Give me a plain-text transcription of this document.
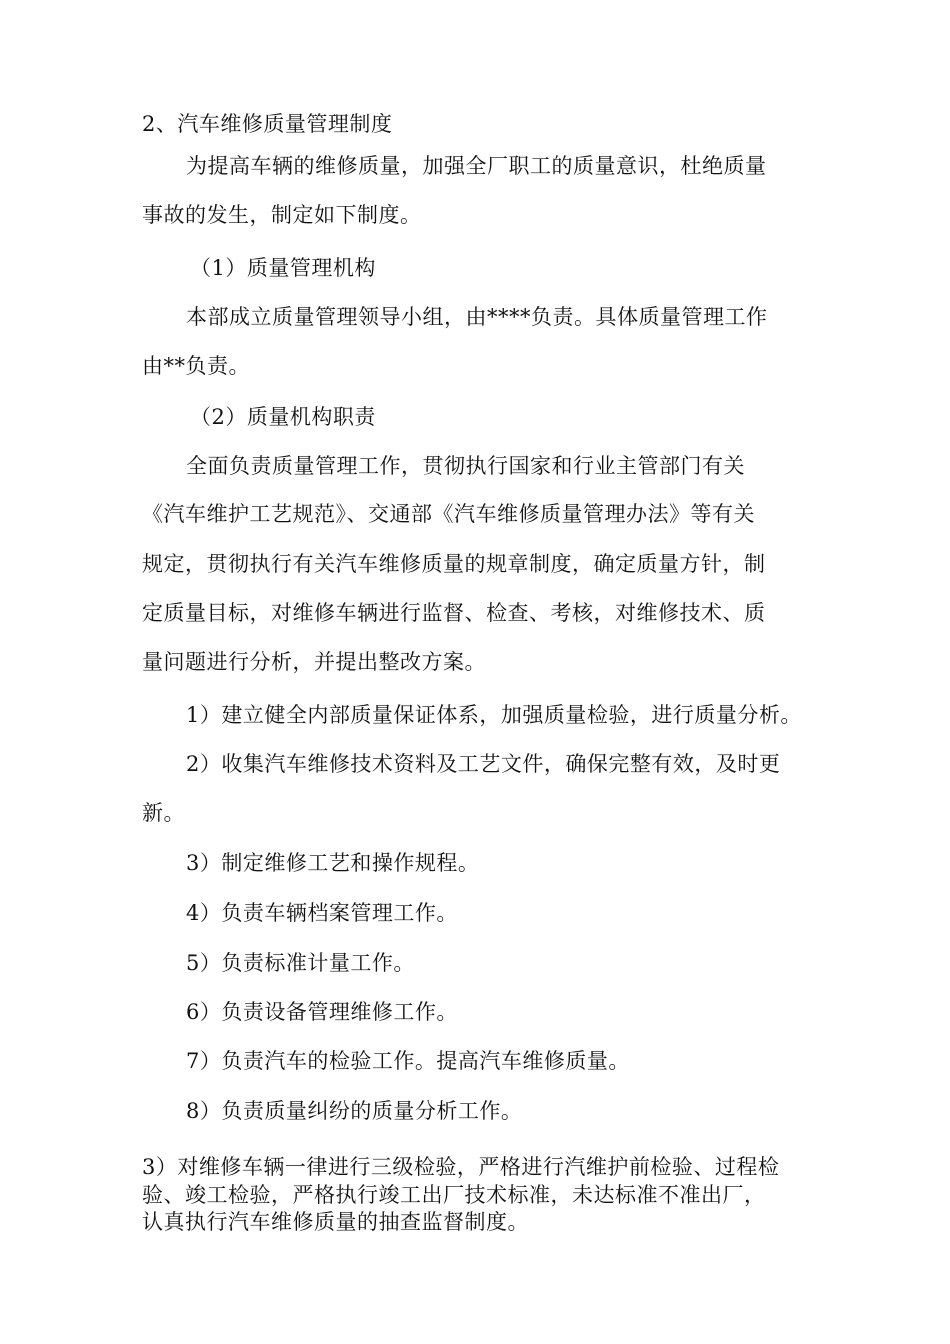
2、汽车维修质量管理制度
为提高车辆的维修质量，加强全厂职工的质量意识，杜绝质量
事故的发生，制定如下制度。
（1）质量管理机构
本部成立质量管理领导小组，由****负责。具体质量管理工作
由**负责。
（2）质量机构职责
全面负责质量管理工作，贯彻执行国家和行业主管部门有关
《汽车维护工艺规范》、交通部《汽车维修质量管理办法》等有关
规定，贯彻执行有关汽车维修质量的规章制度，确定质量方针，制
定质量目标，对维修车辆进行监督、检查、考核，对维修技术、质
量问题进行分析，并提出整改方案。
1）建立健全内部质量保证体系，加强质量检验，进行质量分析。
2）收集汽车维修技术资料及工艺文件，确保完整有效，及时更
新。
3）制定维修工艺和操作规程。
4）负责车辆档案管理工作。
5）负责标准计量工作。
6）负责设备管理维修工作。
7）负责汽车的检验工作。提高汽车维修质量。
8）负责质量纠纷的质量分析工作。
3）对维修车辆一律进行三级检验，严格进行汽维护前检验、过程检
验、竣工检验，严格执行竣工出厂技术标准，未达标准不准出厂，
认真执行汽车维修质量的抽查监督制度。
